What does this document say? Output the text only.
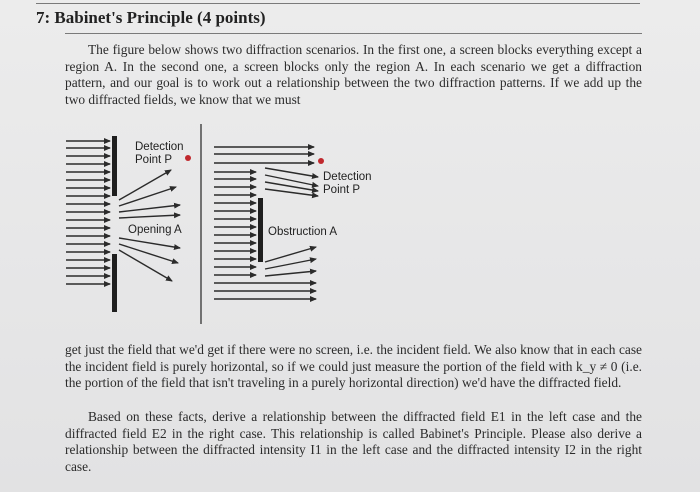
7: Babinet's Principle (4 points)
The figure below shows two diffraction scenarios. In the first one, a screen blocks everything except a region A. In the second one, a screen blocks only the region A. In each scenario we get a diffraction pattern, and our goal is to work out a relationship between the two diffraction patterns. If we add up the two diffracted fields, we know that we must
Detection
Point P
Opening A
Detection
Point P
Obstruction A
get just the field that we'd get if there were no screen, i.e. the incident field. We also know that in each case the incident field is purely horizontal, so if we could just measure the portion of the field with k_y ≠ 0 (i.e. the portion of the field that isn't traveling in a purely horizontal direction) we'd have the diffracted field.
Based on these facts, derive a relationship between the diffracted field E1 in the left case and the diffracted field E2 in the right case. This relationship is called Babinet's Principle. Please also derive a relationship between the diffracted intensity I1 in the left case and the diffracted intensity I2 in the right case.
